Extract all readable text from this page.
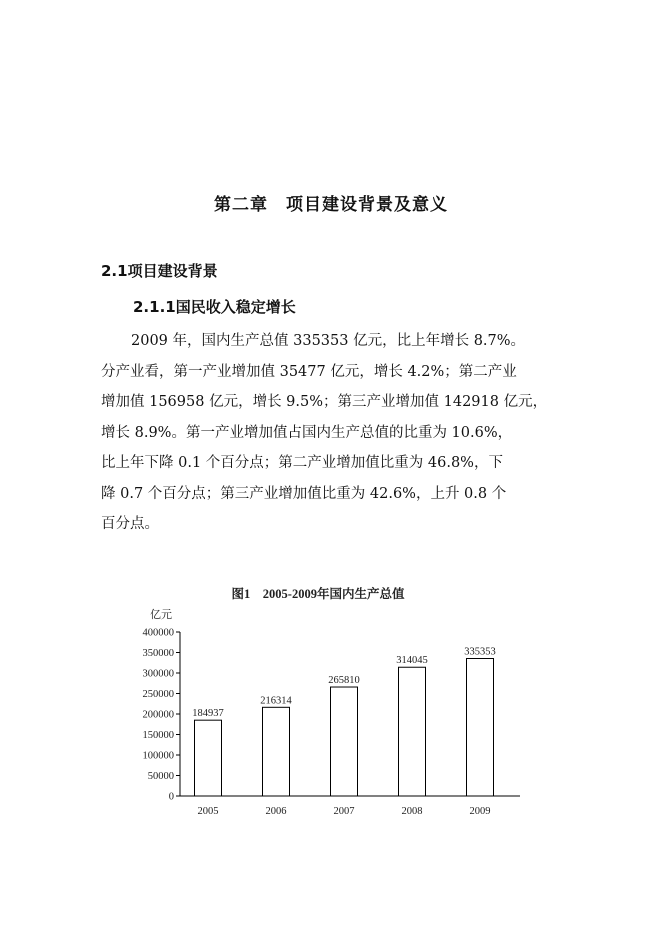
第二章　项目建设背景及意义
2.1项目建设背景
2.1.1国民收入稳定增长
2009 年，国内生产总值 335353 亿元，比上年增长 8.7%。
分产业看，第一产业增加值 35477 亿元，增长 4.2%；第二产业
增加值 156958 亿元，增长 9.5%；第三产业增加值 142918 亿元，
增长 8.9%。第一产业增加值占国内生产总值的比重为 10.6%，
比上年下降 0.1 个百分点；第二产业增加值比重为 46.8%，下
降 0.7 个百分点；第三产业增加值比重为 42.6%，上升 0.8 个
百分点。
图1　2005-2009年国内生产总值
亿元
0
50000
100000
150000
200000
250000
300000
350000
400000
184937
2005
216314
2006
265810
2007
314045
2008
335353
2009
